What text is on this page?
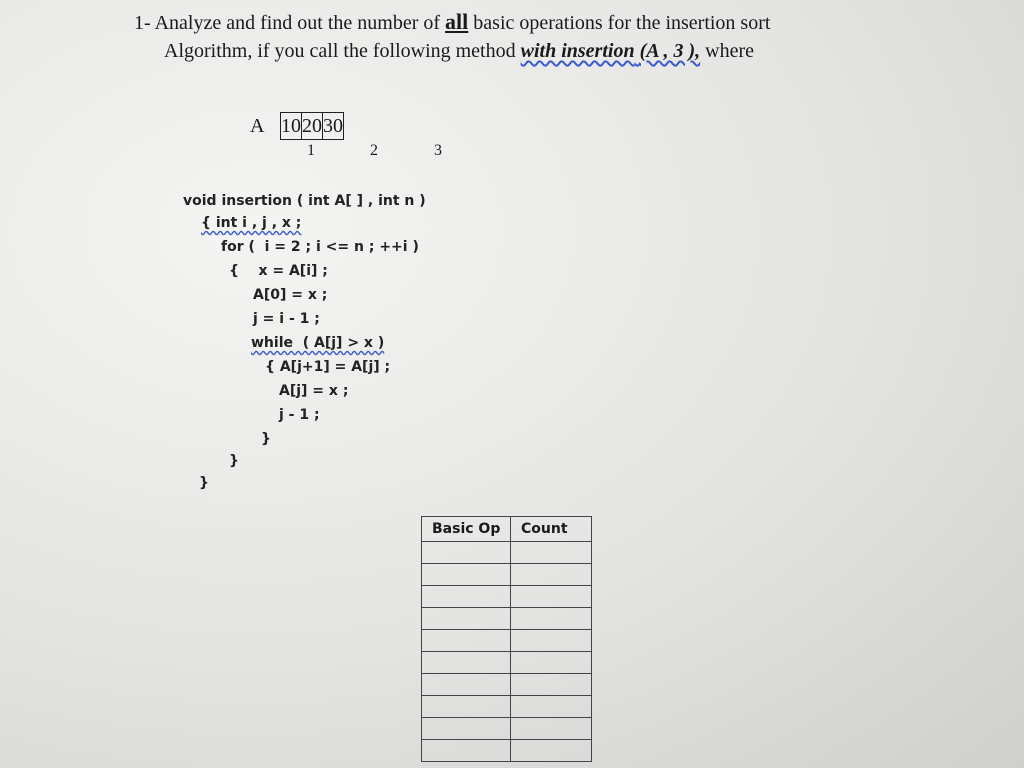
1- Analyze and find out the number of all basic operations for the insertion sort
Algorithm, if you call the following method with insertion (A , 3 ), where
A 10	20	30
1	2	3
void insertion ( int A[ ] , int n )
{ int i , j , x ;
for (  i = 2 ; i <= n ; ++i )
{    x = A[i] ;
A[0] = x ;
j = i - 1 ;
while  ( A[j] > x )
{ A[j+1] = A[j] ;
A[j] = x ;
j - 1 ;
}
}
}
Basic Op	Count
